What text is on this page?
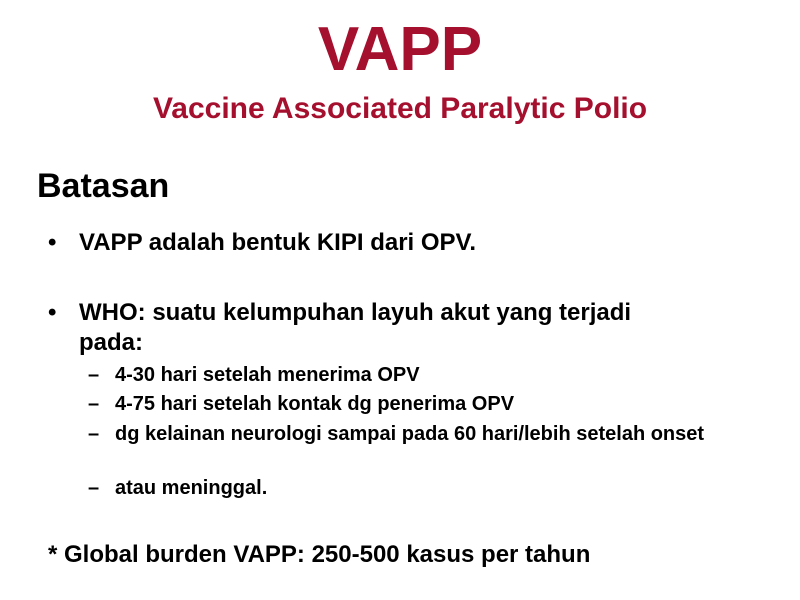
VAPP
Vaccine Associated Paralytic Polio
Batasan
• VAPP adalah bentuk KIPI dari OPV.
• WHO: suatu kelumpuhan layuh akut yang terjadi
pada:
– 4-30 hari setelah menerima OPV
– 4-75 hari setelah kontak dg penerima OPV
– dg kelainan neurologi sampai pada 60 hari/lebih setelah onset
– atau meninggal.
* Global burden VAPP: 250-500 kasus per tahun
